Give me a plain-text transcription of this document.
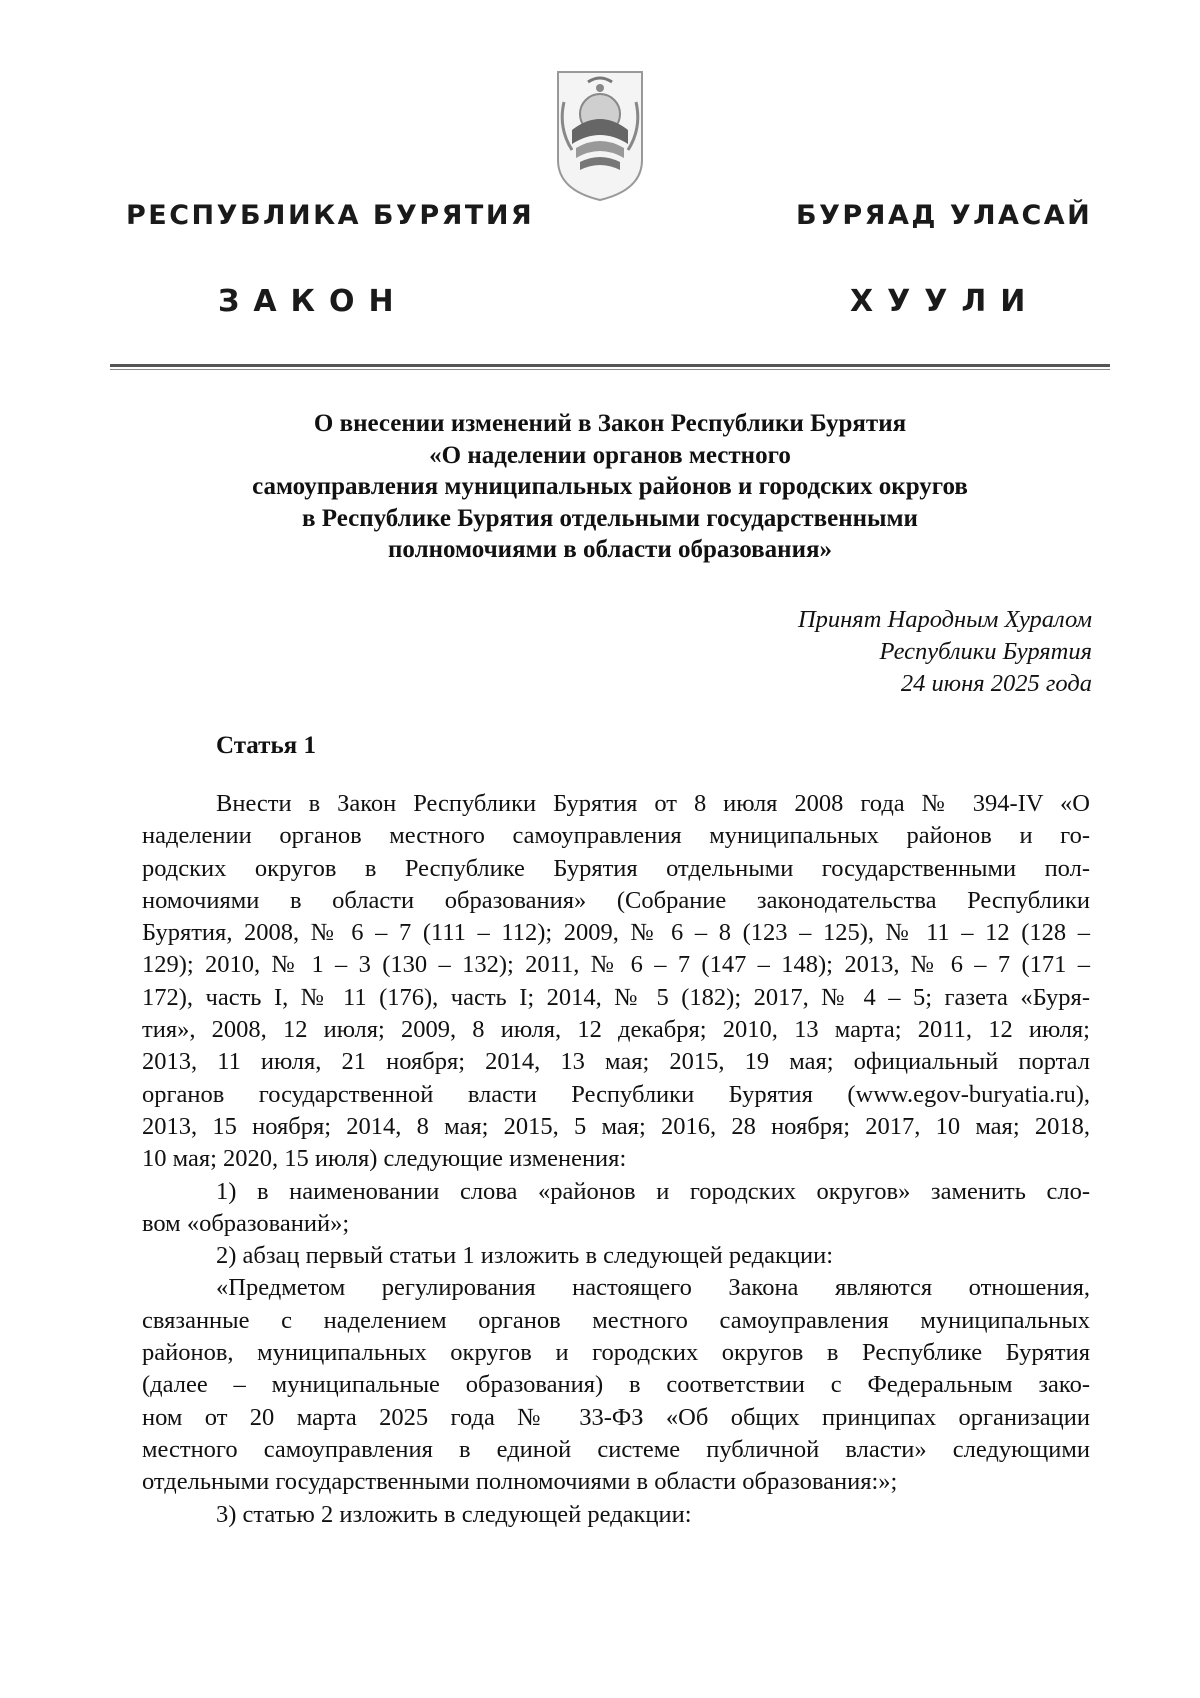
РЕСПУБЛИКА БУРЯТИЯ	БУРЯАД УЛАСАЙ
ЗАКОН	ХУУЛИ
О внесении изменений в Закон Республики Бурятия
«О наделении органов местного
самоуправления муниципальных районов и городских округов
в Республике Бурятия отдельными государственными
полномочиями в области образования»
Принят Народным Хуралом
Республики Бурятия
24 июня 2025 года
Статья 1
Внести в Закон Республики Бурятия от 8 июля 2008 года № 394-IV «О
наделении органов местного самоуправления муниципальных районов и го-
родских округов в Республике Бурятия отдельными государственными пол-
номочиями в области образования» (Собрание законодательства Республики
Бурятия, 2008, № 6 – 7 (111 – 112); 2009, № 6 – 8 (123 – 125), № 11 – 12 (128 –
129); 2010, № 1 – 3 (130 – 132); 2011, № 6 – 7 (147 – 148); 2013, № 6 – 7 (171 –
172), часть I, № 11 (176), часть I; 2014, № 5 (182); 2017, № 4 – 5; газета «Буря-
тия», 2008, 12 июля; 2009, 8 июля, 12 декабря; 2010, 13 марта; 2011, 12 июля;
2013, 11 июля, 21 ноября; 2014, 13 мая; 2015, 19 мая; официальный портал
органов государственной власти Республики Бурятия (www.egov-buryatia.ru),
2013, 15 ноября; 2014, 8 мая; 2015, 5 мая; 2016, 28 ноября; 2017, 10 мая; 2018,
10 мая; 2020, 15 июля) следующие изменения:
1) в наименовании слова «районов и городских округов» заменить сло-
вом «образований»;
2) абзац первый статьи 1 изложить в следующей редакции:
«Предметом регулирования настоящего Закона являются отношения,
связанные с наделением органов местного самоуправления муниципальных
районов, муниципальных округов и городских округов в Республике Бурятия
(далее – муниципальные образования) в соответствии с Федеральным зако-
ном от 20 марта 2025 года № 33-ФЗ «Об общих принципах организации
местного самоуправления в единой системе публичной власти» следующими
отдельными государственными полномочиями в области образования:»;
3) статью 2 изложить в следующей редакции:
